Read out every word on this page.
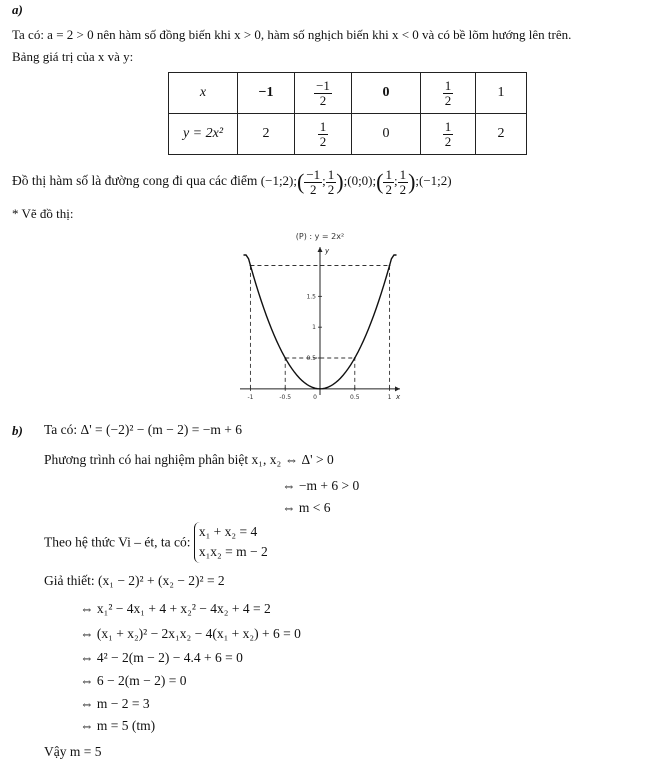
a)
Ta có: a = 2 > 0 nên hàm số đồng biến khi x > 0, hàm số nghịch biến khi x < 0 và có bề lõm hướng lên trên.
Bảng giá trị của x và y:
x	−1	$\frac{-1}{2}$	0	$\frac{1}{2}$	1
y = 2x²	2	$\frac{1}{2}$	0	$\frac{1}{2}$	2
Đồ thị hàm số là đường cong đi qua các điểm (−1;2);( $\frac{-1}{2}$ ; $\frac{1}{2}$ );(0;0);( $\frac{1}{2}$ ; $\frac{1}{2}$ );(−1;2)
* Vẽ đồ thị:
(P) : y = 2x²
x
y
-1	-0.5	0	0.5	1
0.5
1
1.5
b) Ta có: Δ' = (−2)² − (m − 2) = −m + 6
Phương trình có hai nghiệm phân biệt x₁, x₂ ⇔ Δ' > 0
⇔ −m + 6 > 0
⇔ m < 6
Theo hệ thức Vi – ét, ta có:
x₁ + x₂ = 4
x₁x₂ = m − 2
Giả thiết: (x₁ − 2)² + (x₂ − 2)² = 2
⇔ x₁² − 4x₁ + 4 + x₂² − 4x₂ + 4 = 2
⇔ (x₁ + x₂)² − 2x₁x₂ − 4(x₁ + x₂) + 6 = 0
⇔ 4² − 2(m − 2) − 4.4 + 6 = 0
⇔ 6 − 2(m − 2) = 0
⇔ m − 2 = 3
⇔ m = 5 (tm)
Vậy m = 5
